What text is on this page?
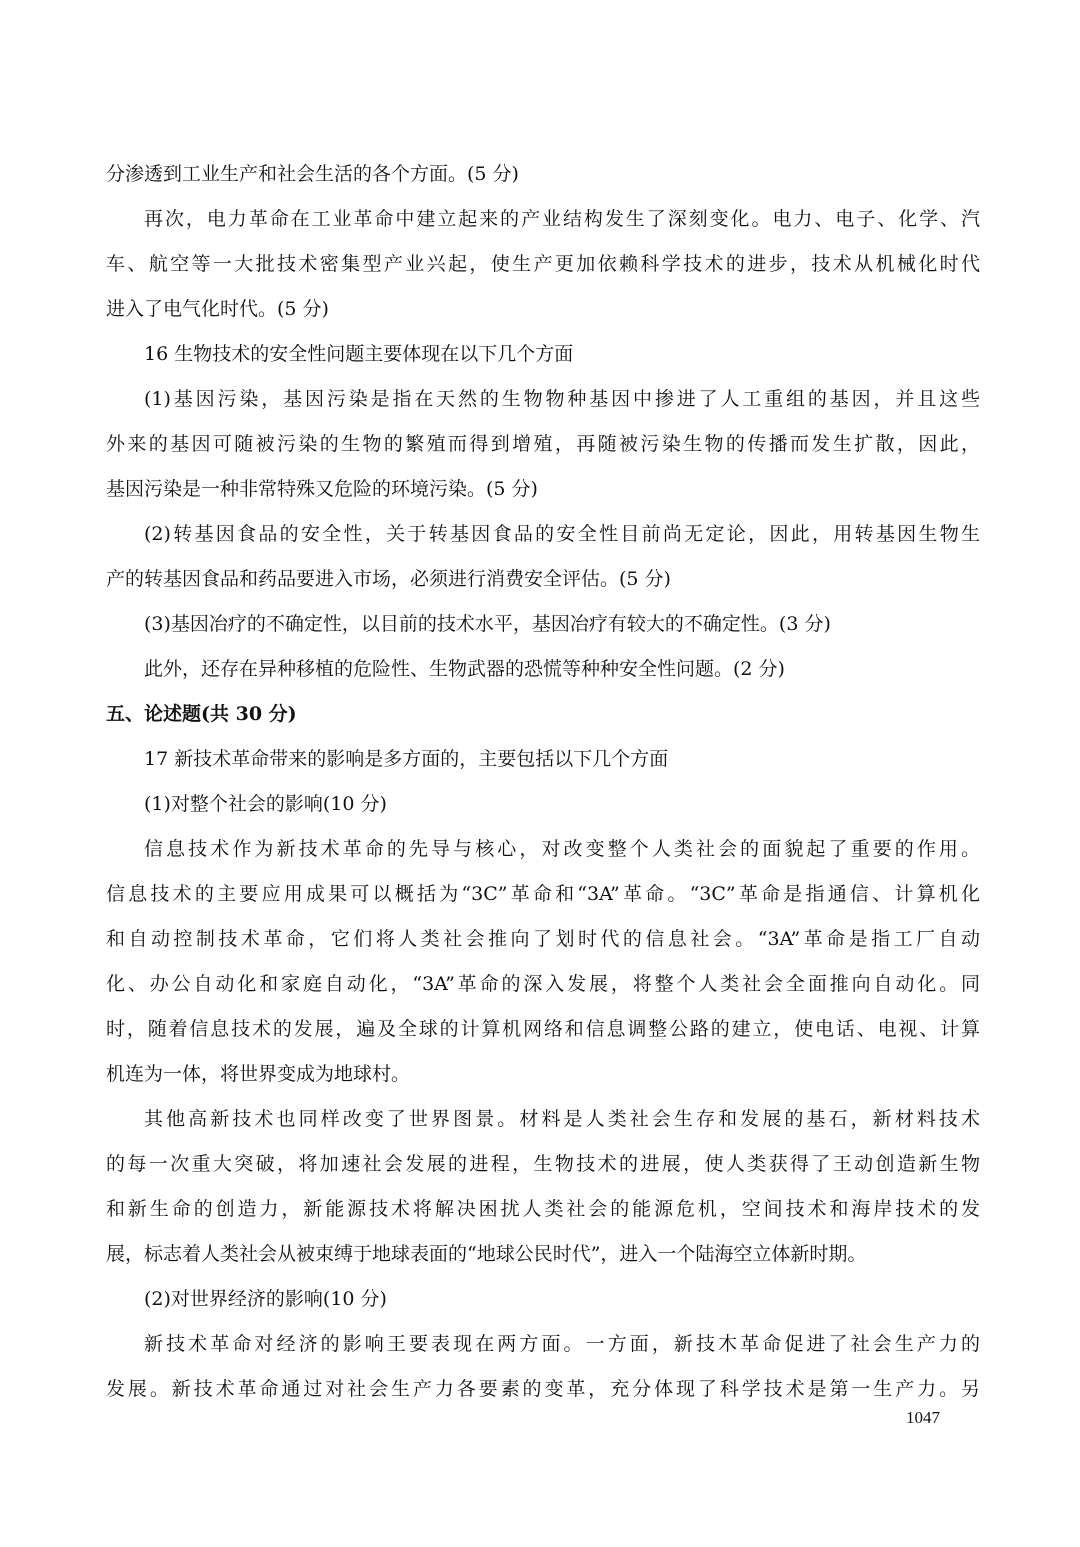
分渗透到工业生产和社会生活的各个方面。(5 分)
再次，电力革命在工业革命中建立起来的产业结构发生了深刻变化。电力、电子、化学、汽
车、航空等一大批技术密集型产业兴起，使生产更加依赖科学技术的进步，技术从机械化时代
进入了电气化时代。(5 分)
16 生物技术的安全性问题主要体现在以下几个方面
(1)基因污染，基因污染是指在天然的生物物种基因中掺进了人工重组的基因，并且这些
外来的基因可随被污染的生物的繁殖而得到增殖，再随被污染生物的传播而发生扩散，因此，
基因污染是一种非常特殊又危险的环境污染。(5 分)
(2)转基因食品的安全性，关于转基因食品的安全性目前尚无定论，因此，用转基因生物生
产的转基因食品和药品要进入市场，必须进行消费安全评估。(5 分)
(3)基因冶疗的不确定性，以目前的技术水平，基因冶疗有较大的不确定性。(3 分)
此外，还存在异种移植的危险性、生物武器的恐慌等种种安全性问题。(2 分)
五、论述题(共 30 分)
17 新技术革命带来的影响是多方面的，主要包括以下几个方面
(1)对整个社会的影响(10 分)
信息技术作为新技术革命的先导与核心，对改变整个人类社会的面貌起了重要的作用。
信息技术的主要应用成果可以概括为“3C”革命和“3A”革命。“3C”革命是指通信、计算机化
和自动控制技术革命，它们将人类社会推向了划时代的信息社会。“3A”革命是指工厂自动
化、办公自动化和家庭自动化，“3A”革命的深入发展，将整个人类社会全面推向自动化。同
时，随着信息技术的发展，遍及全球的计算机网络和信息调整公路的建立，使电话、电视、计算
机连为一体，将世界变成为地球村。
其他高新技术也同样改变了世界图景。材料是人类社会生存和发展的基石，新材料技术
的每一次重大突破，将加速社会发展的进程，生物技术的进展，使人类获得了王动创造新生物
和新生命的创造力，新能源技术将解决困扰人类社会的能源危机，空间技术和海岸技术的发
展，标志着人类社会从被束缚于地球表面的“地球公民时代”，进入一个陆海空立体新时期。
(2)对世界经济的影响(10 分)
新技术革命对经济的影响王要表现在两方面。一方面，新技木革命促进了社会生产力的
发展。新技术革命通过对社会生产力各要素的变革，充分体现了科学技术是第一生产力。另
1047
